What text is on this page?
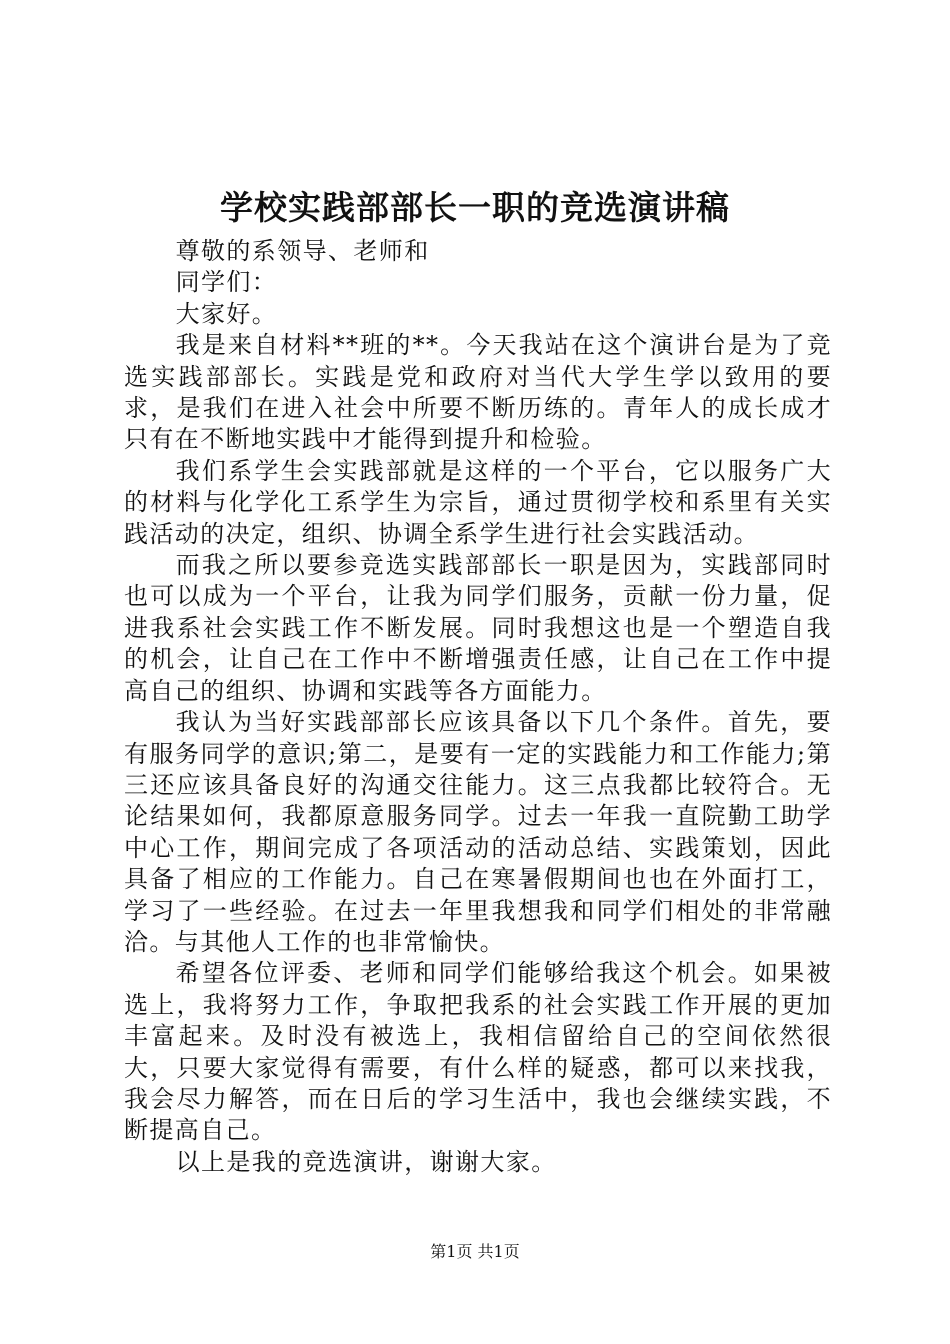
学校实践部部长一职的竞选演讲稿

尊敬的系领导、老师和

同学们：

大家好。

我是来自材料**班的**。今天我站在这个演讲台是为了竞选实践部部长。实践是党和政府对当代大学生学以致用的要求，是我们在进入社会中所要不断历练的。青年人的成长成才只有在不断地实践中才能得到提升和检验。

我们系学生会实践部就是这样的一个平台，它以服务广大的材料与化学化工系学生为宗旨，通过贯彻学校和系里有关实践活动的决定，组织、协调全系学生进行社会实践活动。

而我之所以要参竞选实践部部长一职是因为，实践部同时也可以成为一个平台，让我为同学们服务，贡献一份力量，促进我系社会实践工作不断发展。同时我想这也是一个塑造自我的机会，让自己在工作中不断增强责任感，让自己在工作中提高自己的组织、协调和实践等各方面能力。

我认为当好实践部部长应该具备以下几个条件。首先，要有服务同学的意识;第二，是要有一定的实践能力和工作能力;第三还应该具备良好的沟通交往能力。这三点我都比较符合。无论结果如何，我都原意服务同学。过去一年我一直院勤工助学中心工作，期间完成了各项活动的活动总结、实践策划，因此具备了相应的工作能力。自己在寒暑假期间也也在外面打工，学习了一些经验。在过去一年里我想我和同学们相处的非常融洽。与其他人工作的也非常愉快。

希望各位评委、老师和同学们能够给我这个机会。如果被选上，我将努力工作，争取把我系的社会实践工作开展的更加丰富起来。及时没有被选上，我相信留给自己的空间依然很大，只要大家觉得有需要，有什么样的疑惑，都可以来找我，我会尽力解答，而在日后的学习生活中，我也会继续实践，不断提高自己。

以上是我的竞选演讲，谢谢大家。

第1页 共1页
